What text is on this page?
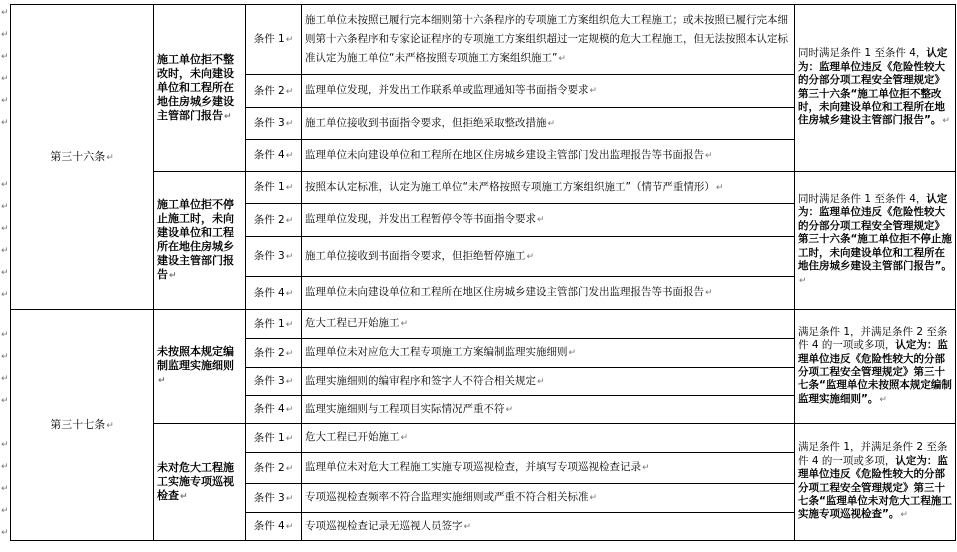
↵
↵
↵
↵
↵
↵
↵
↵
↵
↵
↵
↵
↵
↵
↵
↵
↵
↵
↵
↵
↵
第三十六条↵	施工单位拒不整改时，未向建设单位和工程所在地住房城乡建设主管部门报告↵	条件 1↵	施工单位未按照已履行完本细则第十六条程序的专项施工方案组织危大工程施工；或未按照已履行完本细则第十六条程序和专家论证程序的专项施工方案组织超过一定规模的危大工程施工，但无法按照本认定标准认定为施工单位“未严格按照专项施工方案组织施工”↵	同时满足条件 1 至条件 4，认定为：监理单位违反《危险性较大的分部分项工程安全管理规定》第三十六条“施工单位拒不整改时，未向建设单位和工程所在地住房城乡建设主管部门报告”。↵
		条件 2↵	监理单位发现，并发出工作联系单或监理通知等书面指令要求↵	
		条件 3↵	施工单位接收到书面指令要求，但拒绝采取整改措施↵	
		条件 4↵	监理单位未向建设单位和工程所在地区住房城乡建设主管部门发出监理报告等书面报告↵	
	施工单位拒不停止施工时，未向建设单位和工程所在地住房城乡建设主管部门报告↵	条件 1↵	按照本认定标准，认定为施工单位“未严格按照专项施工方案组织施工”（情节严重情形）↵	同时满足条件 1 至条件 4，认定为：监理单位违反《危险性较大的分部分项工程安全管理规定》第三十六条“施工单位拒不停止施工时，未向建设单位和工程所在地住房城乡建设主管部门报告”。↵
		条件 2↵	监理单位发现，并发出工程暂停令等书面指令要求↵	
		条件 3↵	施工单位接收到书面指令要求，但拒绝暂停施工↵	
		条件 4↵	监理单位未向建设单位和工程所在地区住房城乡建设主管部门发出监理报告等书面报告↵	
第三十七条↵	未按照本规定编制监理实施细则↵	条件 1↵	危大工程已开始施工↵	满足条件 1，并满足条件 2 至条件 4 的一项或多项，认定为：监理单位违反《危险性较大的分部分项工程安全管理规定》第三十七条“监理单位未按照本规定编制监理实施细则”。↵
		条件 2↵	监理单位未对应危大工程专项施工方案编制监理实施细则↵	
		条件 3↵	监理实施细则的编审程序和签字人不符合相关规定↵	
		条件 4↵	监理实施细则与工程项目实际情况严重不符↵	
	未对危大工程施工实施专项巡视检查↵	条件 1↵	危大工程已开始施工↵	满足条件 1，并满足条件 2 至条件 4 的一项或多项，认定为：监理单位违反《危险性较大的分部分项工程安全管理规定》第三十七条“监理单位未对危大工程施工实施专项巡视检查”。↵
		条件 2↵	监理单位未对危大工程施工实施专项巡视检查，并填写专项巡视检查记录↵	
		条件 3↵	专项巡视检查频率不符合监理实施细则或严重不符合相关标准↵	
		条件 4↵	专项巡视检查记录无巡视人员签字↵	
